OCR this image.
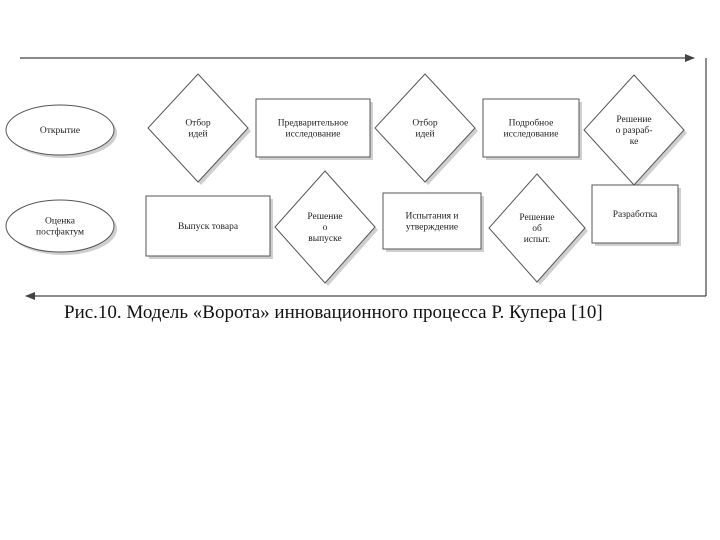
Открытие
Отбор
идей
Предварительное
исследование
Отбор
идей
Подробное
исследование
Решение
о разраб-
ке
Оценка
постфактум
Выпуск товара
Решение
о
выпуске
Испытания и
утверждение
Решение
об
испыт.
Разработка
Рис.10. Модель «Ворота» инновационного процесса Р. Купера [10]
